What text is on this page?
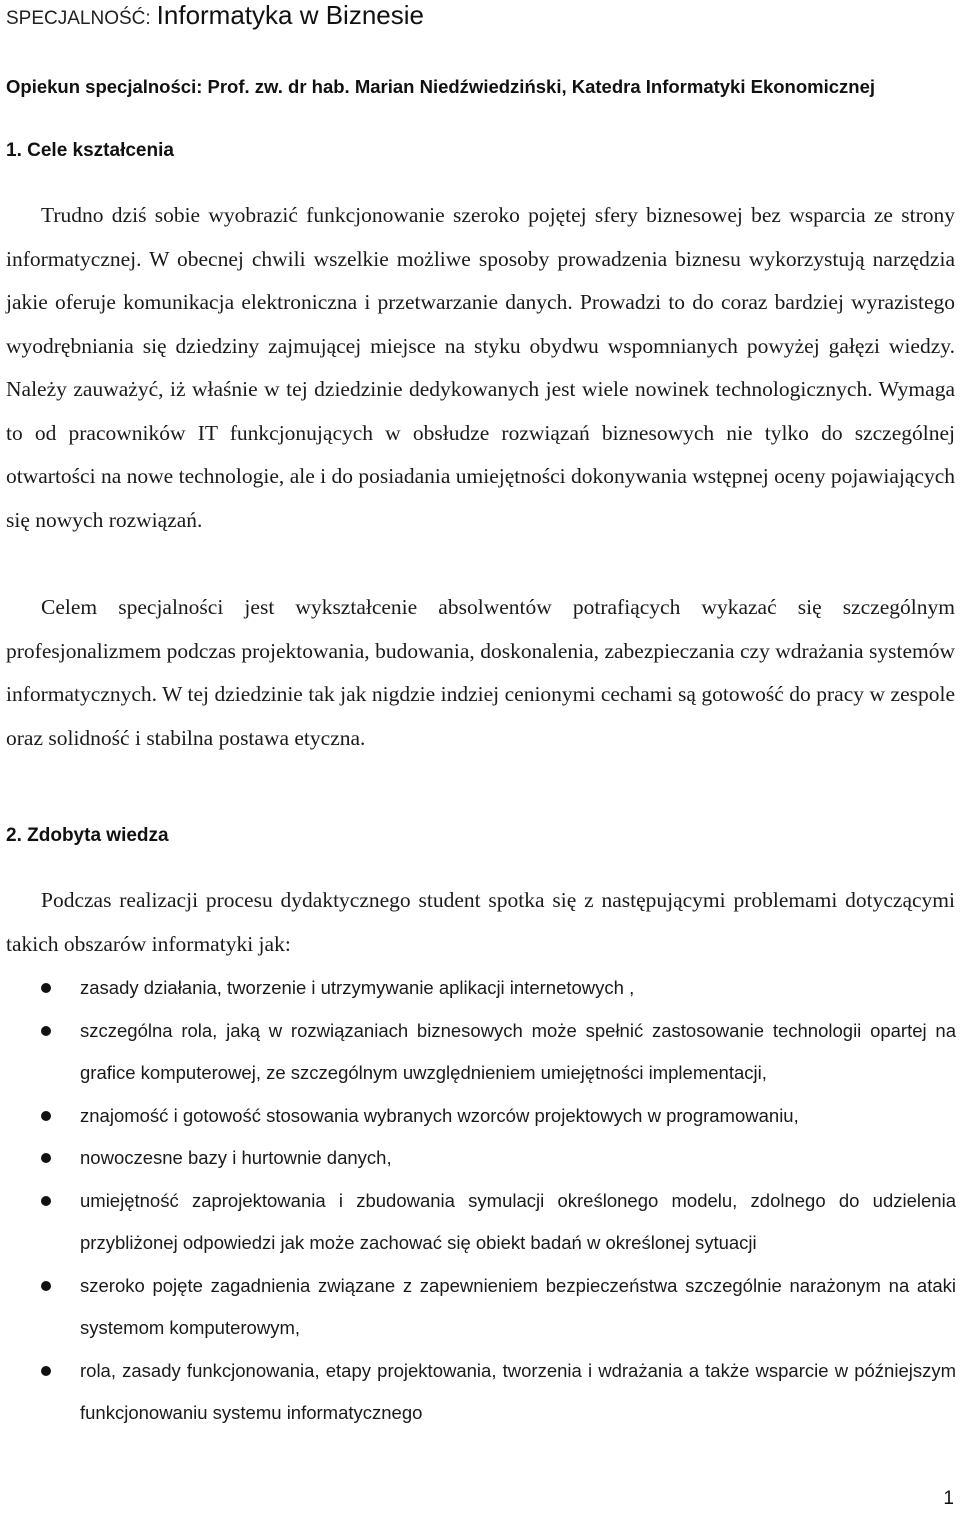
SPECJALNOŚĆ: Informatyka w Biznesie
Opiekun specjalności: Prof. zw. dr hab. Marian Niedźwiedziński, Katedra Informatyki Ekonomicznej
1. Cele kształcenia

Trudno dziś sobie wyobrazić funkcjonowanie szeroko pojętej sfery biznesowej bez wsparcia ze strony informatycznej. W obecnej chwili wszelkie możliwe sposoby prowadzenia biznesu wykorzystują narzędzia jakie oferuje komunikacja elektroniczna i przetwarzanie danych. Prowadzi to do coraz bardziej wyrazistego wyodrębniania się dziedziny zajmującej miejsce na styku obydwu wspomnianych powyżej gałęzi wiedzy. Należy zauważyć, iż właśnie w tej dziedzinie dedykowanych jest wiele nowinek technologicznych. Wymaga to od pracowników IT funkcjonujących w obsłudze rozwiązań biznesowych nie tylko do szczególnej otwartości na nowe technologie, ale i do posiadania umiejętności dokonywania wstępnej oceny pojawiających się nowych rozwiązań.

Celem specjalności jest wykształcenie absolwentów potrafiących wykazać się szczególnym profesjonalizmem podczas projektowania, budowania, doskonalenia, zabezpieczania czy wdrażania systemów informatycznych. W tej dziedzinie tak jak nigdzie indziej cenionymi cechami są gotowość do pracy w zespole oraz solidność i stabilna postawa etyczna.

2. Zdobyta wiedza

Podczas realizacji procesu dydaktycznego student spotka się z następującymi problemami dotyczącymi takich obszarów informatyki jak:

zasady działania, tworzenie i utrzymywanie aplikacji internetowych ,
szczególna rola, jaką w rozwiązaniach biznesowych może spełnić zastosowanie technologii opartej na grafice komputerowej, ze szczególnym uwzględnieniem umiejętności implementacji,
znajomość i gotowość stosowania wybranych wzorców projektowych w programowaniu,
nowoczesne bazy i hurtownie danych,
umiejętność zaprojektowania i zbudowania symulacji określonego modelu, zdolnego do udzielenia przybliżonej odpowiedzi jak może zachować się obiekt badań w określonej sytuacji
szeroko pojęte zagadnienia związane z zapewnieniem bezpieczeństwa szczególnie narażonym na ataki systemom komputerowym,
rola, zasady funkcjonowania, etapy projektowania, tworzenia i wdrażania a także wsparcie w późniejszym funkcjonowaniu systemu informatycznego
1
